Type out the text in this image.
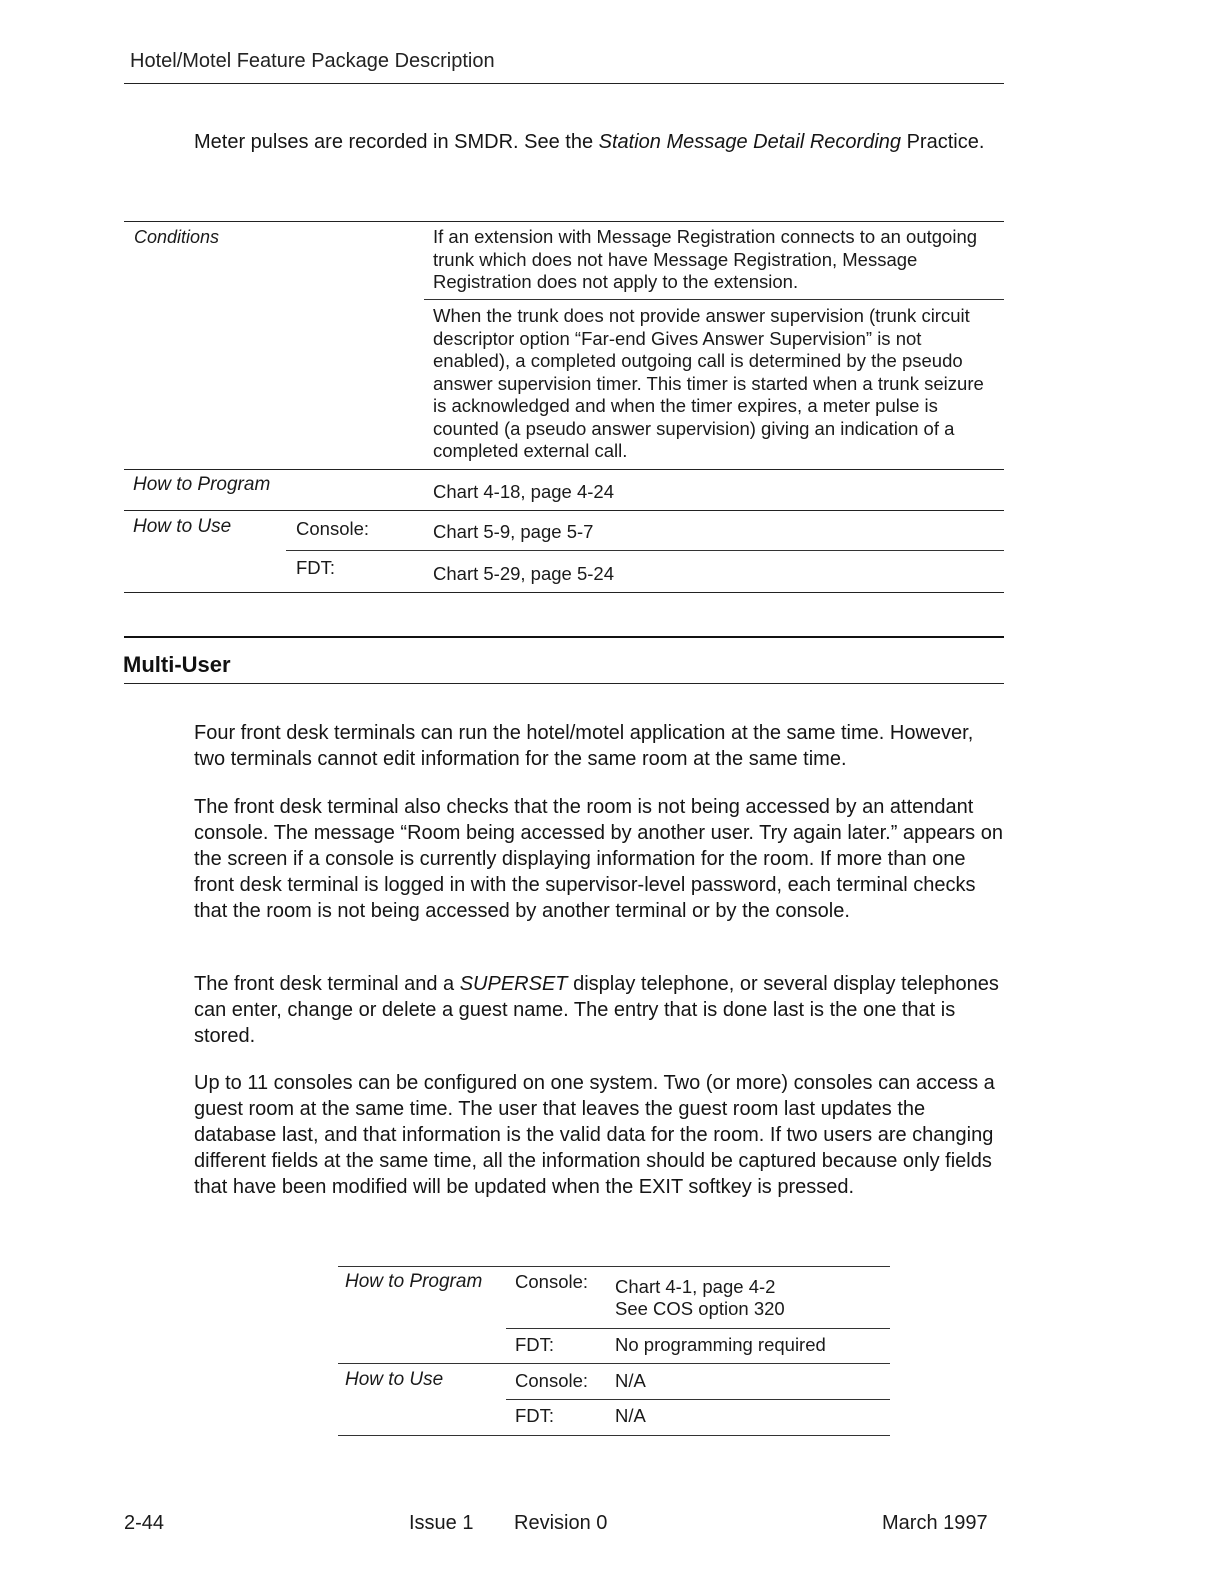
Hotel/Motel Feature Package Description
Meter pulses are recorded in SMDR. See the Station Message Detail Recording Practice.
Conditions	If an extension with Message Registration connects to an outgoing trunk which does not have Message Registration, Message Registration does not apply to the extension.
When the trunk does not provide answer supervision (trunk circuit descriptor option “Far-end Gives Answer Supervision” is not enabled), a completed outgoing call is determined by the pseudo answer supervision timer. This timer is started when a trunk seizure is acknowledged and when the timer expires, a meter pulse is counted (a pseudo answer supervision) giving an indication of a completed external call.
How to Program	Chart 4-18, page 4-24
How to Use	Console:	Chart 5-9, page 5-7
FDT:	Chart 5-29, page 5-24
Multi-User
Four front desk terminals can run the hotel/motel application at the same time. However, two terminals cannot edit information for the same room at the same time.
The front desk terminal also checks that the room is not being accessed by an attendant console. The message “Room being accessed by another user. Try again later.” appears on the screen if a console is currently displaying information for the room. If more than one front desk terminal is logged in with the supervisor-level password, each terminal checks that the room is not being accessed by another terminal or by the console.
The front desk terminal and a SUPERSET display telephone, or several display telephones can enter, change or delete a guest name. The entry that is done last is the one that is stored.
Up to 11 consoles can be configured on one system. Two (or more) consoles can access a guest room at the same time. The user that leaves the guest room last updates the database last, and that information is the valid data for the room. If two users are changing different fields at the same time, all the information should be captured because only fields that have been modified will be updated when the EXIT softkey is pressed.
How to Program Console: Chart 4-1, page 4-2
See COS option 320
FDT:	No programming required
How to Use	Console: N/A
FDT:	N/A
2-44	Issue 1 Revision 0	March 1997
